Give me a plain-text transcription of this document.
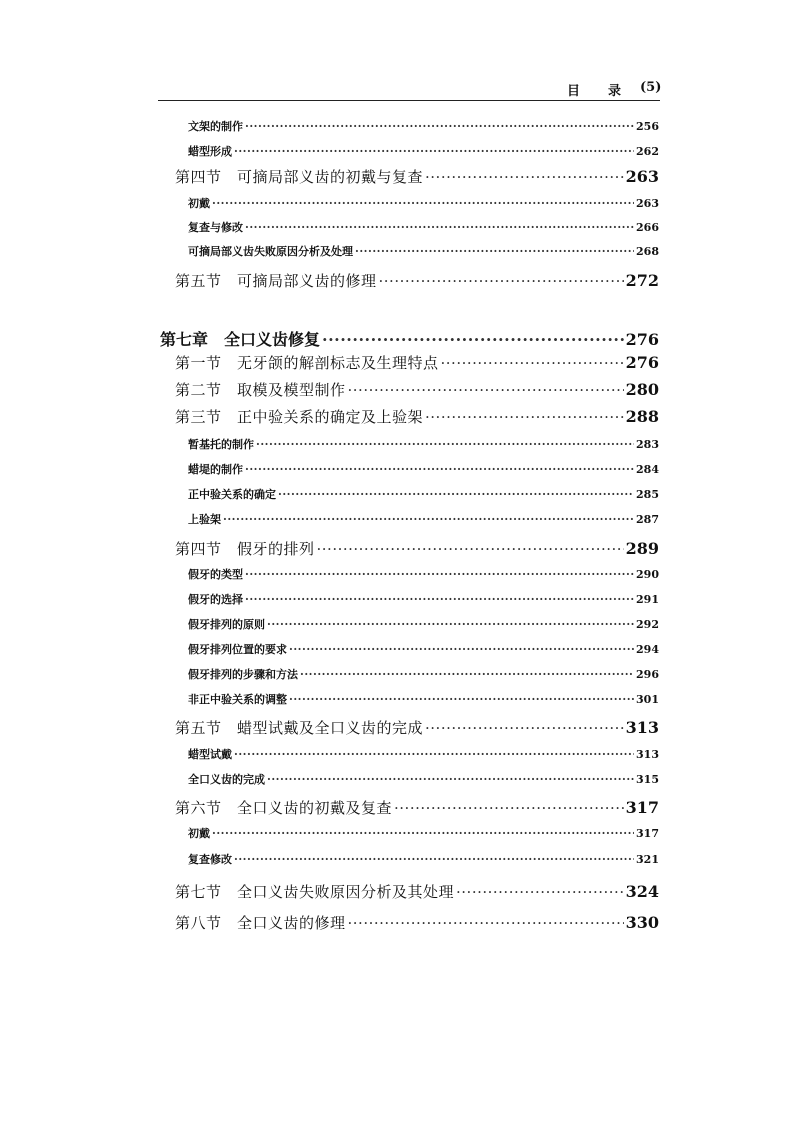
目 录 (5)
文架的制作 ·····	256
蜡型形成 ·····	262
第四节　可摘局部义齿的初戴与复查 ·····	263
初戴 ·····	263
复查与修改 ·····	266
可摘局部义齿失败原因分析及处理 ·····	268
第五节　可摘局部义齿的修理 ·····	272
第七章　全口义齿修复 ·····	276
第一节　无牙颌的解剖标志及生理特点 ·····	276
第二节　取模及模型制作 ·····	280
第三节　正中验关系的确定及上验架 ·····	288
暂基托的制作 ·····	283
蜡堤的制作 ·····	284
正中验关系的确定 ·····	285
上验架 ·····	287
第四节　假牙的排列 ·····	289
假牙的类型 ·····	290
假牙的选择 ·····	291
假牙排列的原则 ·····	292
假牙排列位置的要求 ·····	294
假牙排列的步骤和方法 ·····	296
非正中验关系的调整 ·····	301
第五节　蜡型试戴及全口义齿的完成 ·····	313
蜡型试戴 ·····	313
全口义齿的完成 ·····	315
第六节　全口义齿的初戴及复查 ·····	317
初戴 ·····	317
复查修改 ·····	321
第七节　全口义齿失败原因分析及其处理 ·····	324
第八节　全口义齿的修理 ·····	330
